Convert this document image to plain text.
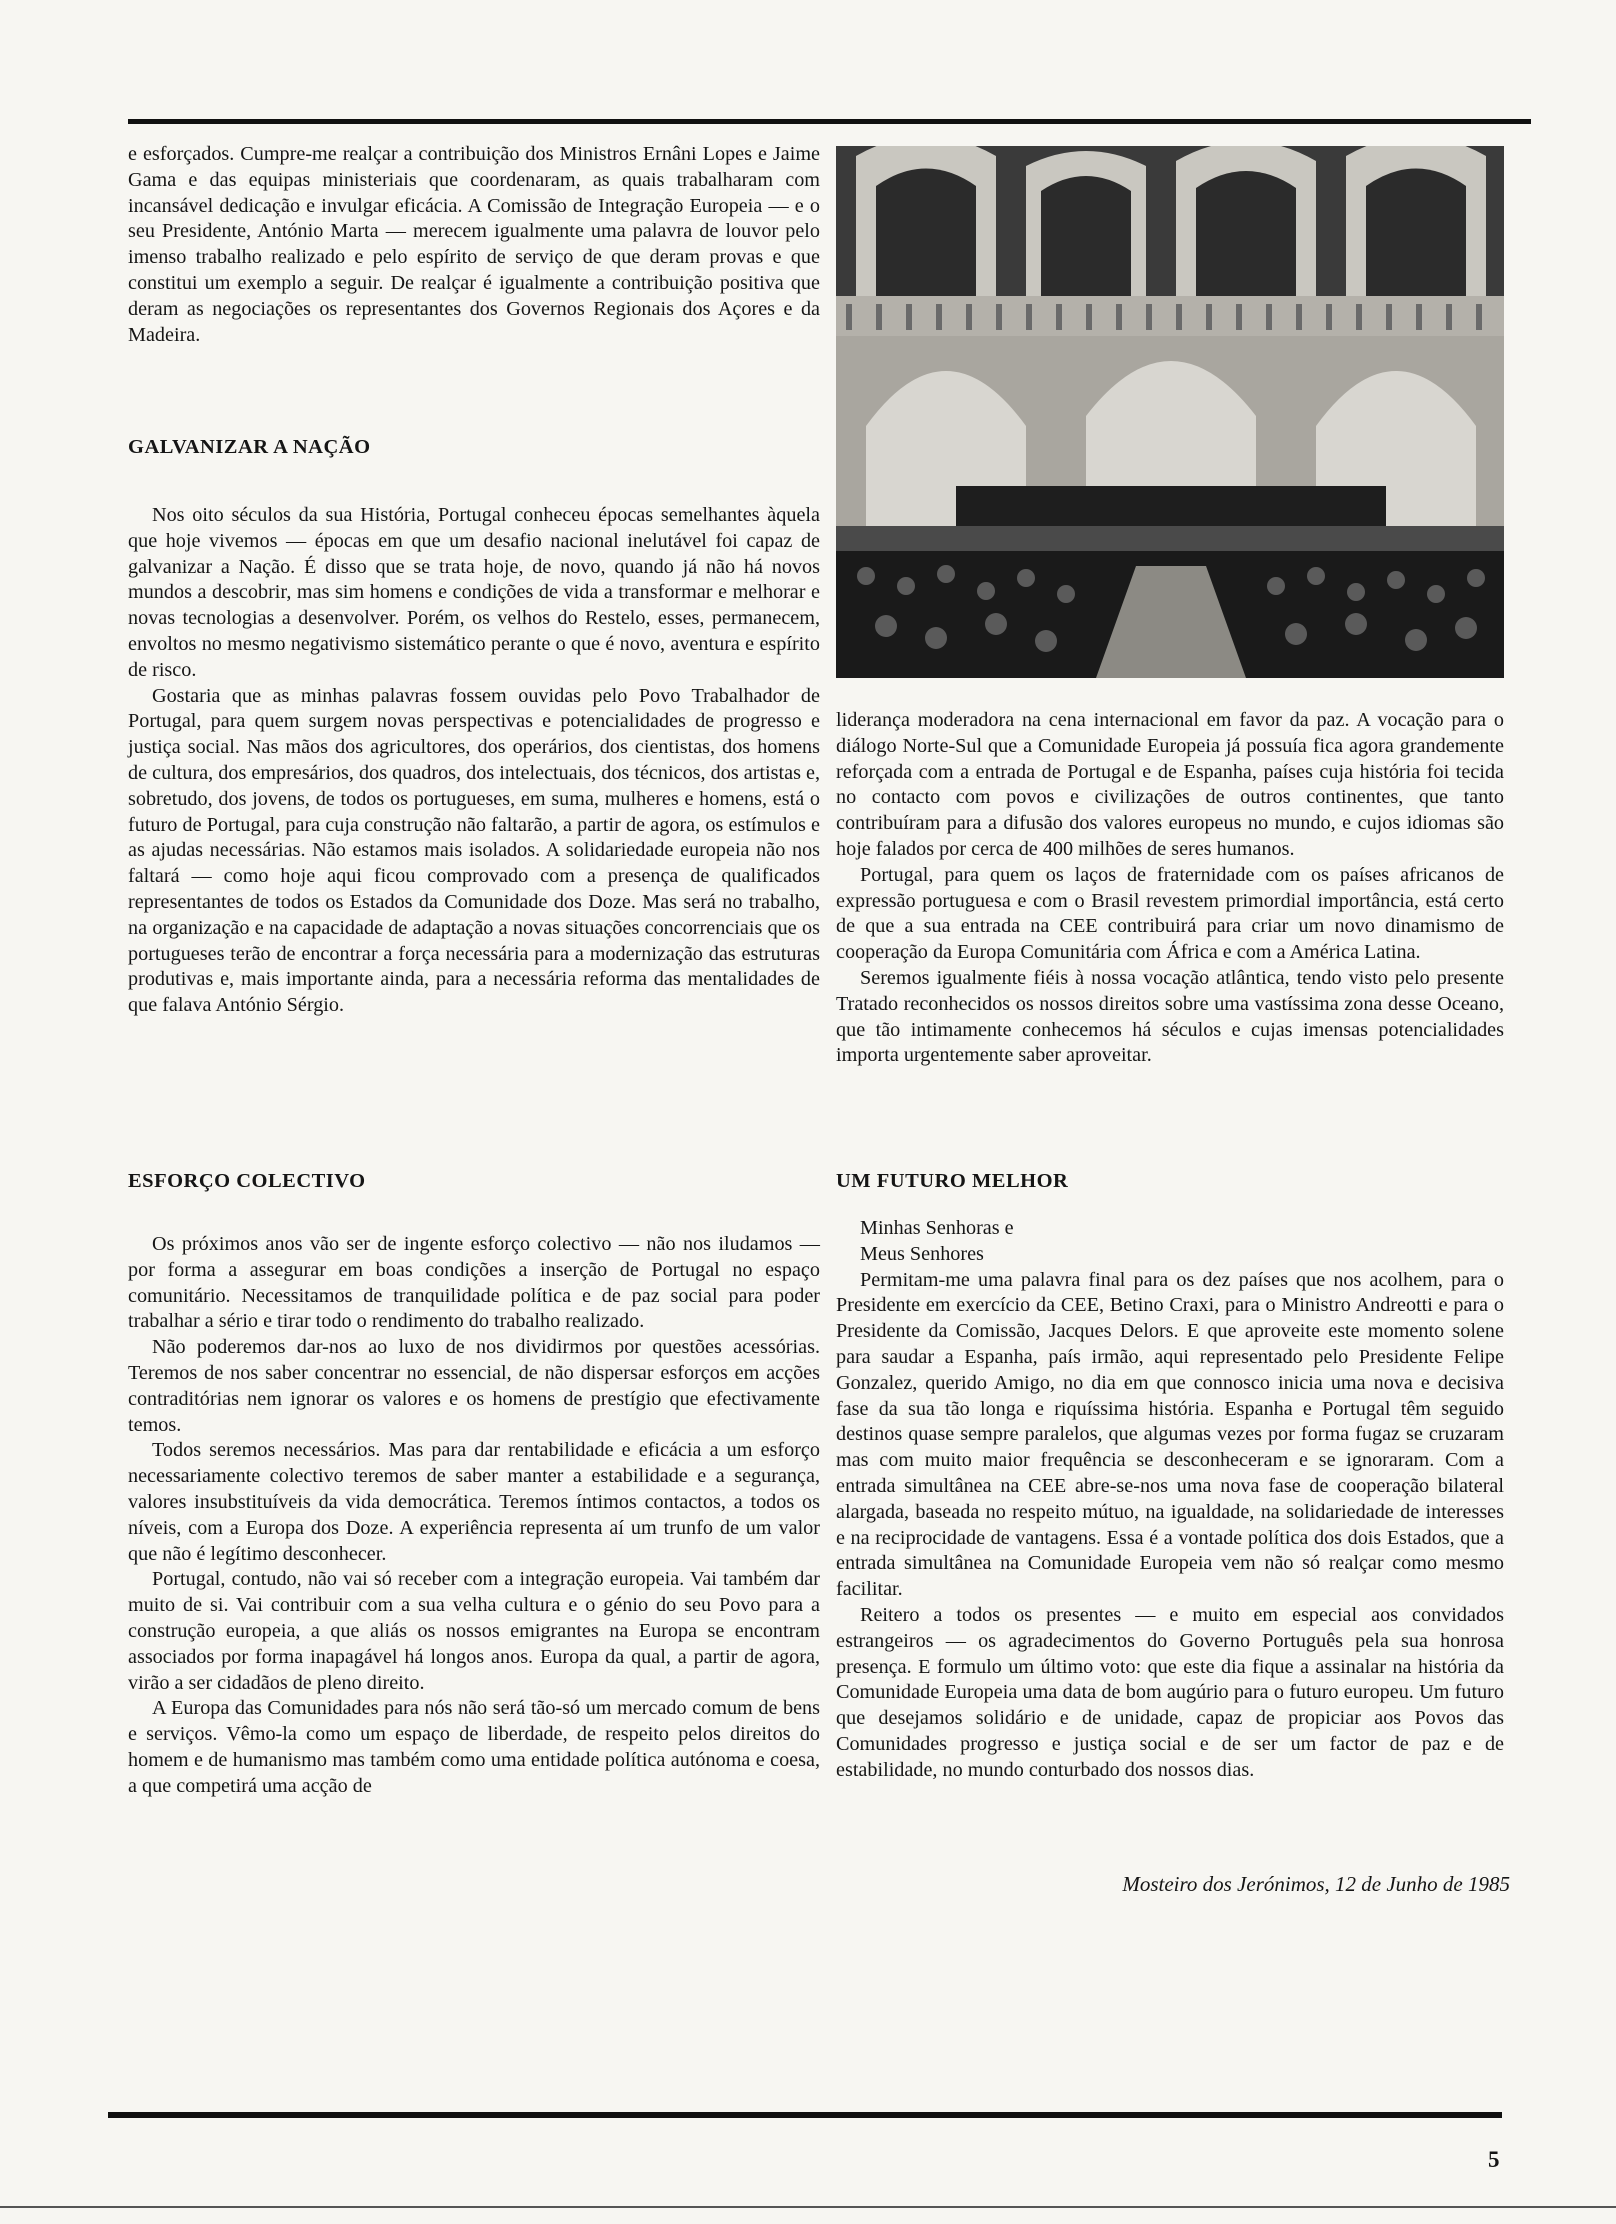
e esforçados. Cumpre-me realçar a contribuição dos Ministros Ernâni Lopes e Jaime Gama e das equipas ministeriais que coordenaram, as quais trabalharam com incansável dedicação e invulgar eficácia. A Comissão de Integração Europeia — e o seu Presidente, António Marta — merecem igualmente uma palavra de louvor pelo imenso trabalho realizado e pelo espírito de serviço de que deram provas e que constitui um exemplo a seguir. De realçar é igualmente a contribuição positiva que deram as negociações os representantes dos Governos Regionais dos Açores e da Madeira.

GALVANIZAR A NAÇÃO

Nos oito séculos da sua História, Portugal conheceu épocas semelhantes àquela que hoje vivemos — épocas em que um desafio nacional inelutável foi capaz de galvanizar a Nação. É disso que se trata hoje, de novo, quando já não há novos mundos a descobrir, mas sim homens e condições de vida a transformar e melhorar e novas tecnologias a desenvolver. Porém, os velhos do Restelo, esses, permanecem, envoltos no mesmo negativismo sistemático perante o que é novo, aventura e espírito de risco.

Gostaria que as minhas palavras fossem ouvidas pelo Povo Trabalhador de Portugal, para quem surgem novas perspectivas e potencialidades de progresso e justiça social. Nas mãos dos agricultores, dos operários, dos cientistas, dos homens de cultura, dos empresários, dos quadros, dos intelectuais, dos técnicos, dos artistas e, sobretudo, dos jovens, de todos os portugueses, em suma, mulheres e homens, está o futuro de Portugal, para cuja construção não faltarão, a partir de agora, os estímulos e as ajudas necessárias. Não estamos mais isolados. A solidariedade europeia não nos faltará — como hoje aqui ficou comprovado com a presença de qualificados representantes de todos os Estados da Comunidade dos Doze. Mas será no trabalho, na organização e na capacidade de adaptação a novas situações concorrenciais que os portugueses terão de encontrar a força necessária para a modernização das estruturas produtivas e, mais importante ainda, para a necessária reforma das mentalidades de que falava António Sérgio.

ESFORÇO COLECTIVO

Os próximos anos vão ser de ingente esforço colectivo — não nos iludamos — por forma a assegurar em boas condições a inserção de Portugal no espaço comunitário. Necessitamos de tranquilidade política e de paz social para poder trabalhar a sério e tirar todo o rendimento do trabalho realizado.

Não poderemos dar-nos ao luxo de nos dividirmos por questões acessórias. Teremos de nos saber concentrar no essencial, de não dispersar esforços em acções contraditórias nem ignorar os valores e os homens de prestígio que efectivamente temos.

Todos seremos necessários. Mas para dar rentabilidade e eficácia a um esforço necessariamente colectivo teremos de saber manter a estabilidade e a segurança, valores insubstituíveis da vida democrática. Teremos íntimos contactos, a todos os níveis, com a Europa dos Doze. A experiência representa aí um trunfo de um valor que não é legítimo desconhecer.

Portugal, contudo, não vai só receber com a integração europeia. Vai também dar muito de si. Vai contribuir com a sua velha cultura e o génio do seu Povo para a construção europeia, a que aliás os nossos emigrantes na Europa se encontram associados por forma inapagável há longos anos. Europa da qual, a partir de agora, virão a ser cidadãos de pleno direito.

A Europa das Comunidades para nós não será tão-só um mercado comum de bens e serviços. Vêmo-la como um espaço de liberdade, de respeito pelos direitos do homem e de humanismo mas também como uma entidade política autónoma e coesa, a que competirá uma acção de

liderança moderadora na cena internacional em favor da paz. A vocação para o diálogo Norte-Sul que a Comunidade Europeia já possuía fica agora grandemente reforçada com a entrada de Portugal e de Espanha, países cuja história foi tecida no contacto com povos e civilizações de outros continentes, que tanto contribuíram para a difusão dos valores europeus no mundo, e cujos idiomas são hoje falados por cerca de 400 milhões de seres humanos.

Portugal, para quem os laços de fraternidade com os países africanos de expressão portuguesa e com o Brasil revestem primordial importância, está certo de que a sua entrada na CEE contribuirá para criar um novo dinamismo de cooperação da Europa Comunitária com África e com a América Latina.

Seremos igualmente fiéis à nossa vocação atlântica, tendo visto pelo presente Tratado reconhecidos os nossos direitos sobre uma vastíssima zona desse Oceano, que tão intimamente conhecemos há séculos e cujas imensas potencialidades importa urgentemente saber aproveitar.

UM FUTURO MELHOR

Minhas Senhoras e

Meus Senhores

Permitam-me uma palavra final para os dez países que nos acolhem, para o Presidente em exercício da CEE, Betino Craxi, para o Ministro Andreotti e para o Presidente da Comissão, Jacques Delors. E que aproveite este momento solene para saudar a Espanha, país irmão, aqui representado pelo Presidente Felipe Gonzalez, querido Amigo, no dia em que connosco inicia uma nova e decisiva fase da sua tão longa e riquíssima história. Espanha e Portugal têm seguido destinos quase sempre paralelos, que algumas vezes por forma fugaz se cruzaram mas com muito maior frequência se desconheceram e se ignoraram. Com a entrada simultânea na CEE abre-se-nos uma nova fase de cooperação bilateral alargada, baseada no respeito mútuo, na igualdade, na solidariedade de interesses e na reciprocidade de vantagens. Essa é a vontade política dos dois Estados, que a entrada simultânea na Comunidade Europeia vem não só realçar como mesmo facilitar.

Reitero a todos os presentes — e muito em especial aos convidados estrangeiros — os agradecimentos do Governo Português pela sua honrosa presença. E formulo um último voto: que este dia fique a assinalar na história da Comunidade Europeia uma data de bom augúrio para o futuro europeu. Um futuro que desejamos solidário e de unidade, capaz de propiciar aos Povos das Comunidades progresso e justiça social e de ser um factor de paz e de estabilidade, no mundo conturbado dos nossos dias.

Mosteiro dos Jerónimos, 12 de Junho de 1985
5
